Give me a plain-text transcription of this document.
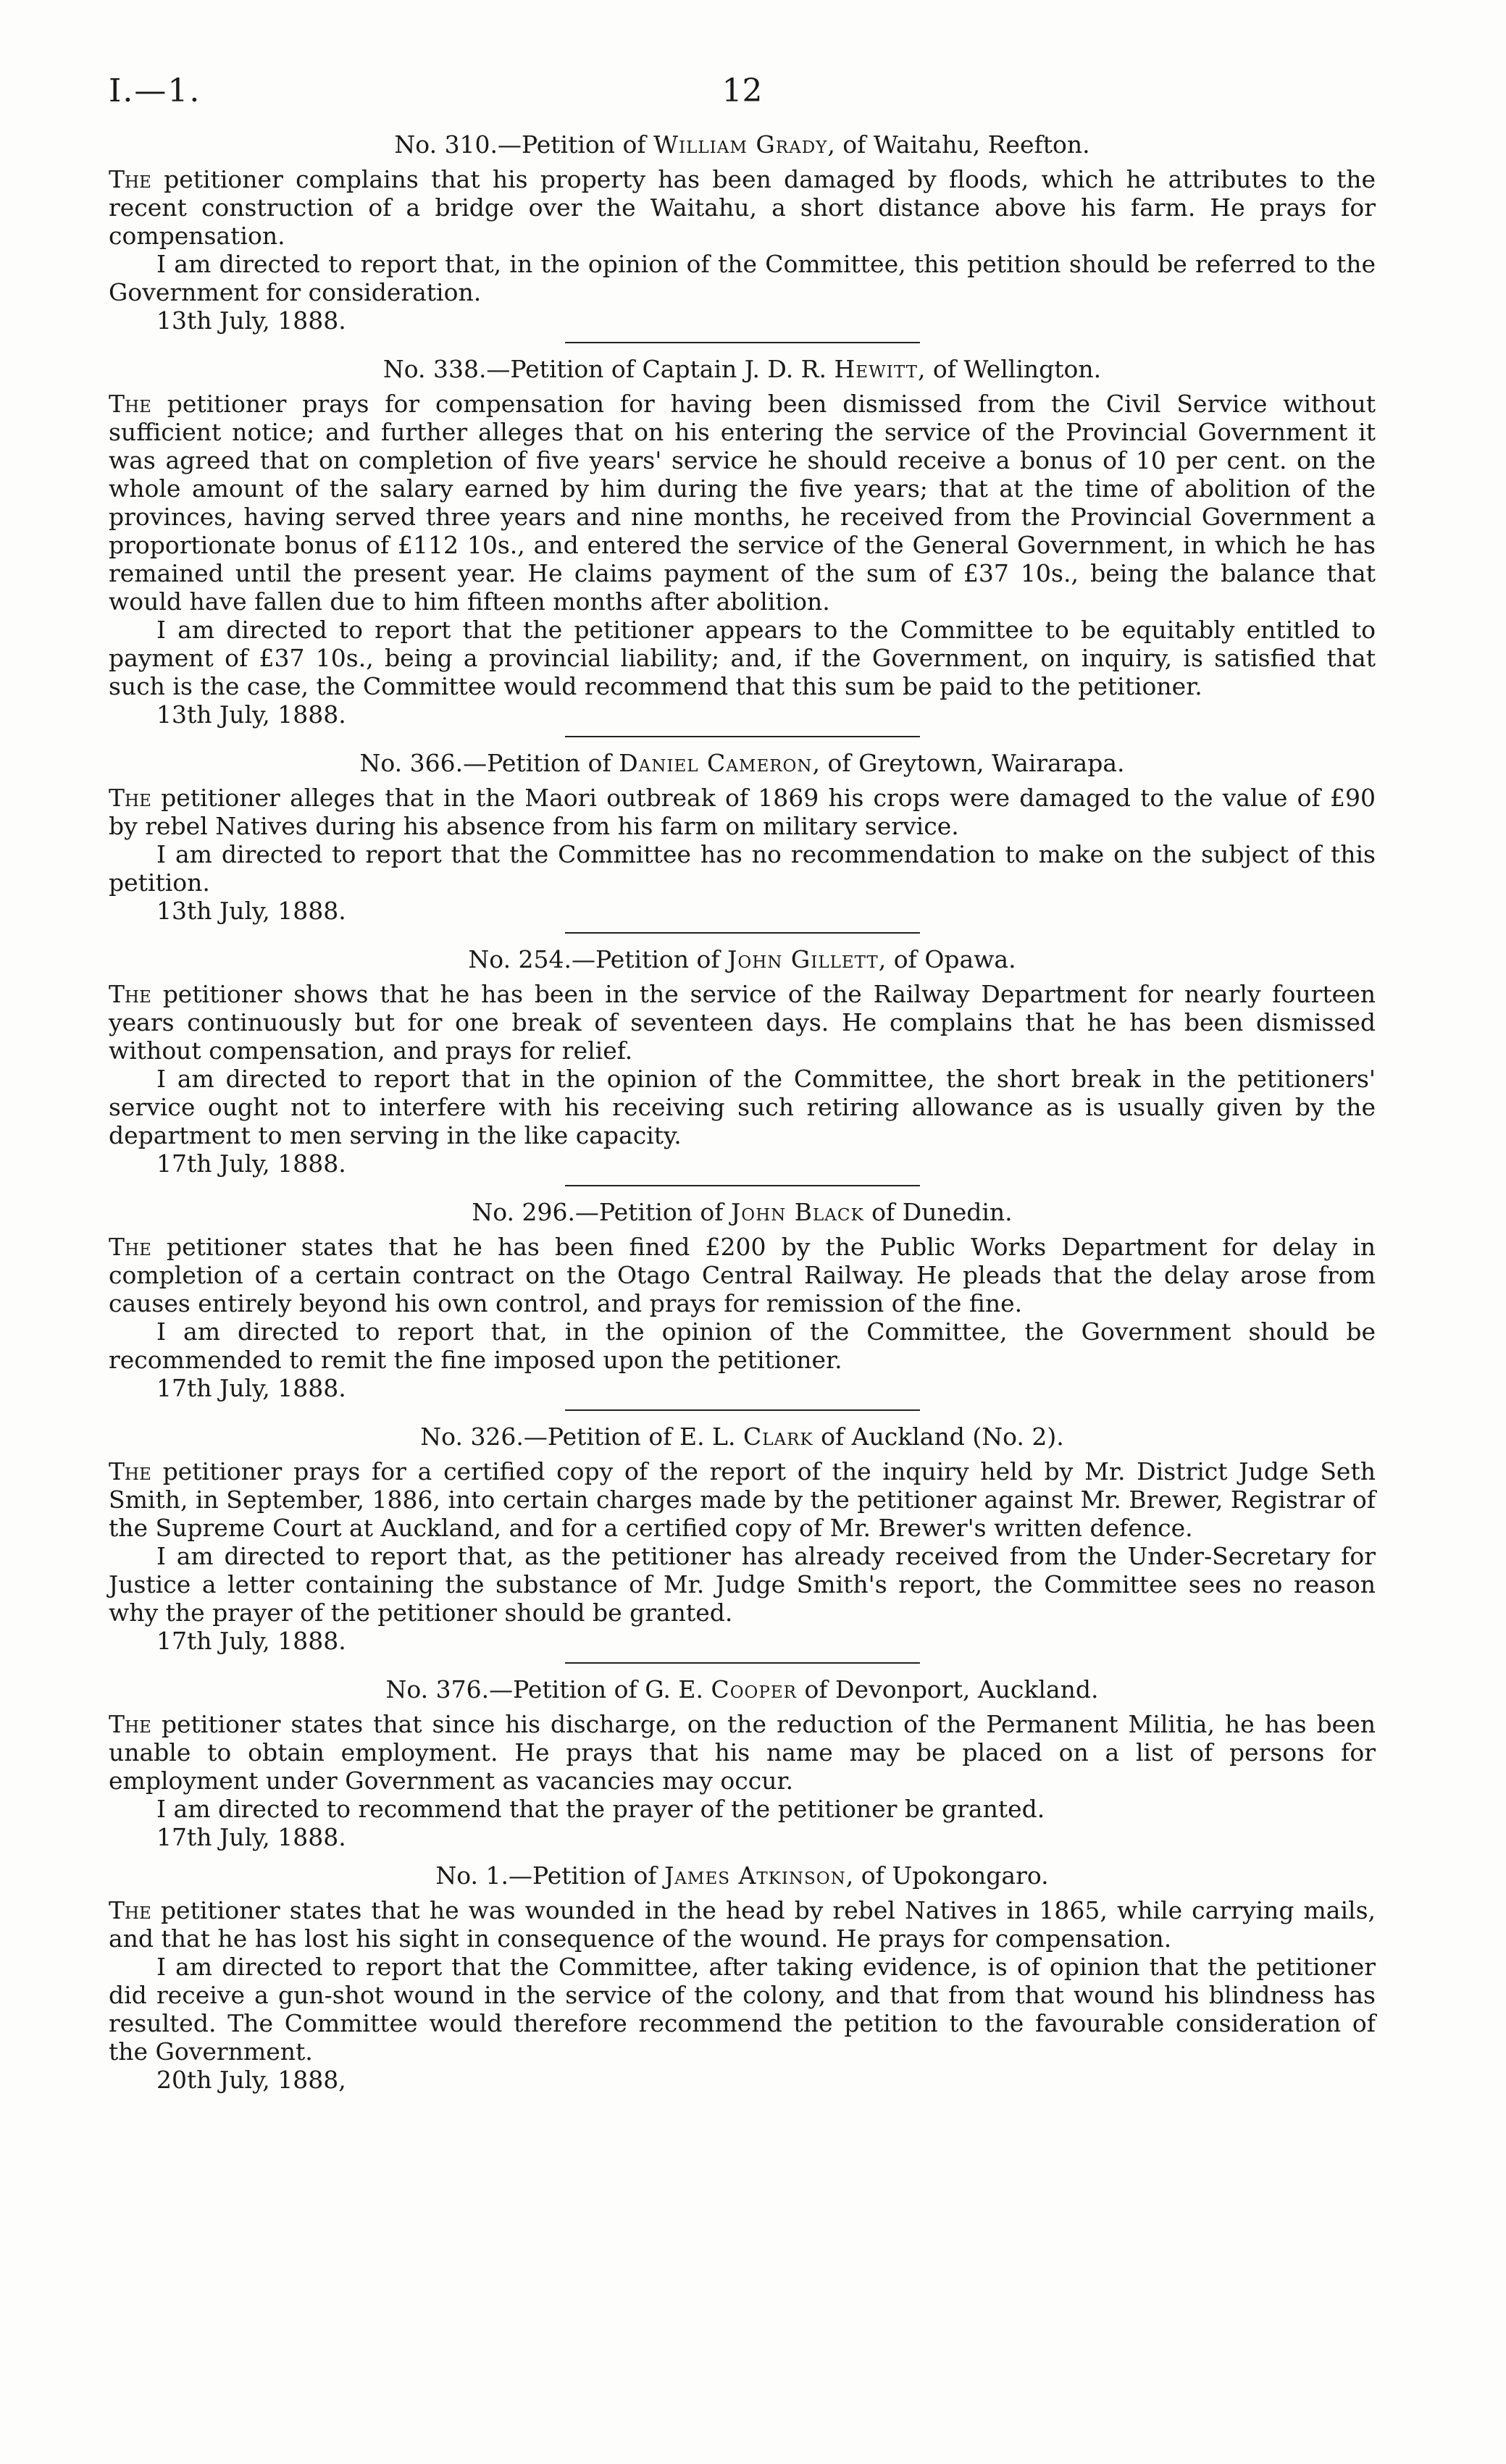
I.—1.	12

No. 310.—Petition of William Grady, of Waitahu, Reefton.

The petitioner complains that his property has been damaged by floods, which he attributes to the recent construction of a bridge over the Waitahu, a short distance above his farm. He prays for compensation.

I am directed to report that, in the opinion of the Committee, this petition should be referred to the Government for consideration.

13th July, 1888.

No. 338.—Petition of Captain J. D. R. Hewitt, of Wellington.

The petitioner prays for compensation for having been dismissed from the Civil Service without sufficient notice; and further alleges that on his entering the service of the Provincial Government it was agreed that on completion of five years' service he should receive a bonus of 10 per cent. on the whole amount of the salary earned by him during the five years; that at the time of abolition of the provinces, having served three years and nine months, he received from the Provincial Government a proportionate bonus of £112 10s., and entered the service of the General Government, in which he has remained until the present year. He claims payment of the sum of £37 10s., being the balance that would have fallen due to him fifteen months after abolition.

I am directed to report that the petitioner appears to the Committee to be equitably entitled to payment of £37 10s., being a provincial liability; and, if the Government, on inquiry, is satisfied that such is the case, the Committee would recommend that this sum be paid to the petitioner.

13th July, 1888.

No. 366.—Petition of Daniel Cameron, of Greytown, Wairarapa.

The petitioner alleges that in the Maori outbreak of 1869 his crops were damaged to the value of £90 by rebel Natives during his absence from his farm on military service.

I am directed to report that the Committee has no recommendation to make on the subject of this petition.

13th July, 1888.

No. 254.—Petition of John Gillett, of Opawa.

The petitioner shows that he has been in the service of the Railway Department for nearly fourteen years continuously but for one break of seventeen days. He complains that he has been dismissed without compensation, and prays for relief.

I am directed to report that in the opinion of the Committee, the short break in the petitioners' service ought not to interfere with his receiving such retiring allowance as is usually given by the department to men serving in the like capacity.

17th July, 1888.

No. 296.—Petition of John Black of Dunedin.

The petitioner states that he has been fined £200 by the Public Works Department for delay in completion of a certain contract on the Otago Central Railway. He pleads that the delay arose from causes entirely beyond his own control, and prays for remission of the fine.

I am directed to report that, in the opinion of the Committee, the Government should be recommended to remit the fine imposed upon the petitioner.

17th July, 1888.

No. 326.—Petition of E. L. Clark of Auckland (No. 2).

The petitioner prays for a certified copy of the report of the inquiry held by Mr. District Judge Seth Smith, in September, 1886, into certain charges made by the petitioner against Mr. Brewer, Registrar of the Supreme Court at Auckland, and for a certified copy of Mr. Brewer's written defence.

I am directed to report that, as the petitioner has already received from the Under-Secretary for Justice a letter containing the substance of Mr. Judge Smith's report, the Committee sees no reason why the prayer of the petitioner should be granted.

17th July, 1888.

No. 376.—Petition of G. E. Cooper of Devonport, Auckland.

The petitioner states that since his discharge, on the reduction of the Permanent Militia, he has been unable to obtain employment. He prays that his name may be placed on a list of persons for employment under Government as vacancies may occur.

I am directed to recommend that the prayer of the petitioner be granted.

17th July, 1888.

No. 1.—Petition of James Atkinson, of Upokongaro.

The petitioner states that he was wounded in the head by rebel Natives in 1865, while carrying mails, and that he has lost his sight in consequence of the wound. He prays for compensation.

I am directed to report that the Committee, after taking evidence, is of opinion that the petitioner did receive a gun-shot wound in the service of the colony, and that from that wound his blindness has resulted. The Committee would therefore recommend the petition to the favourable consideration of the Government.

20th July, 1888,
